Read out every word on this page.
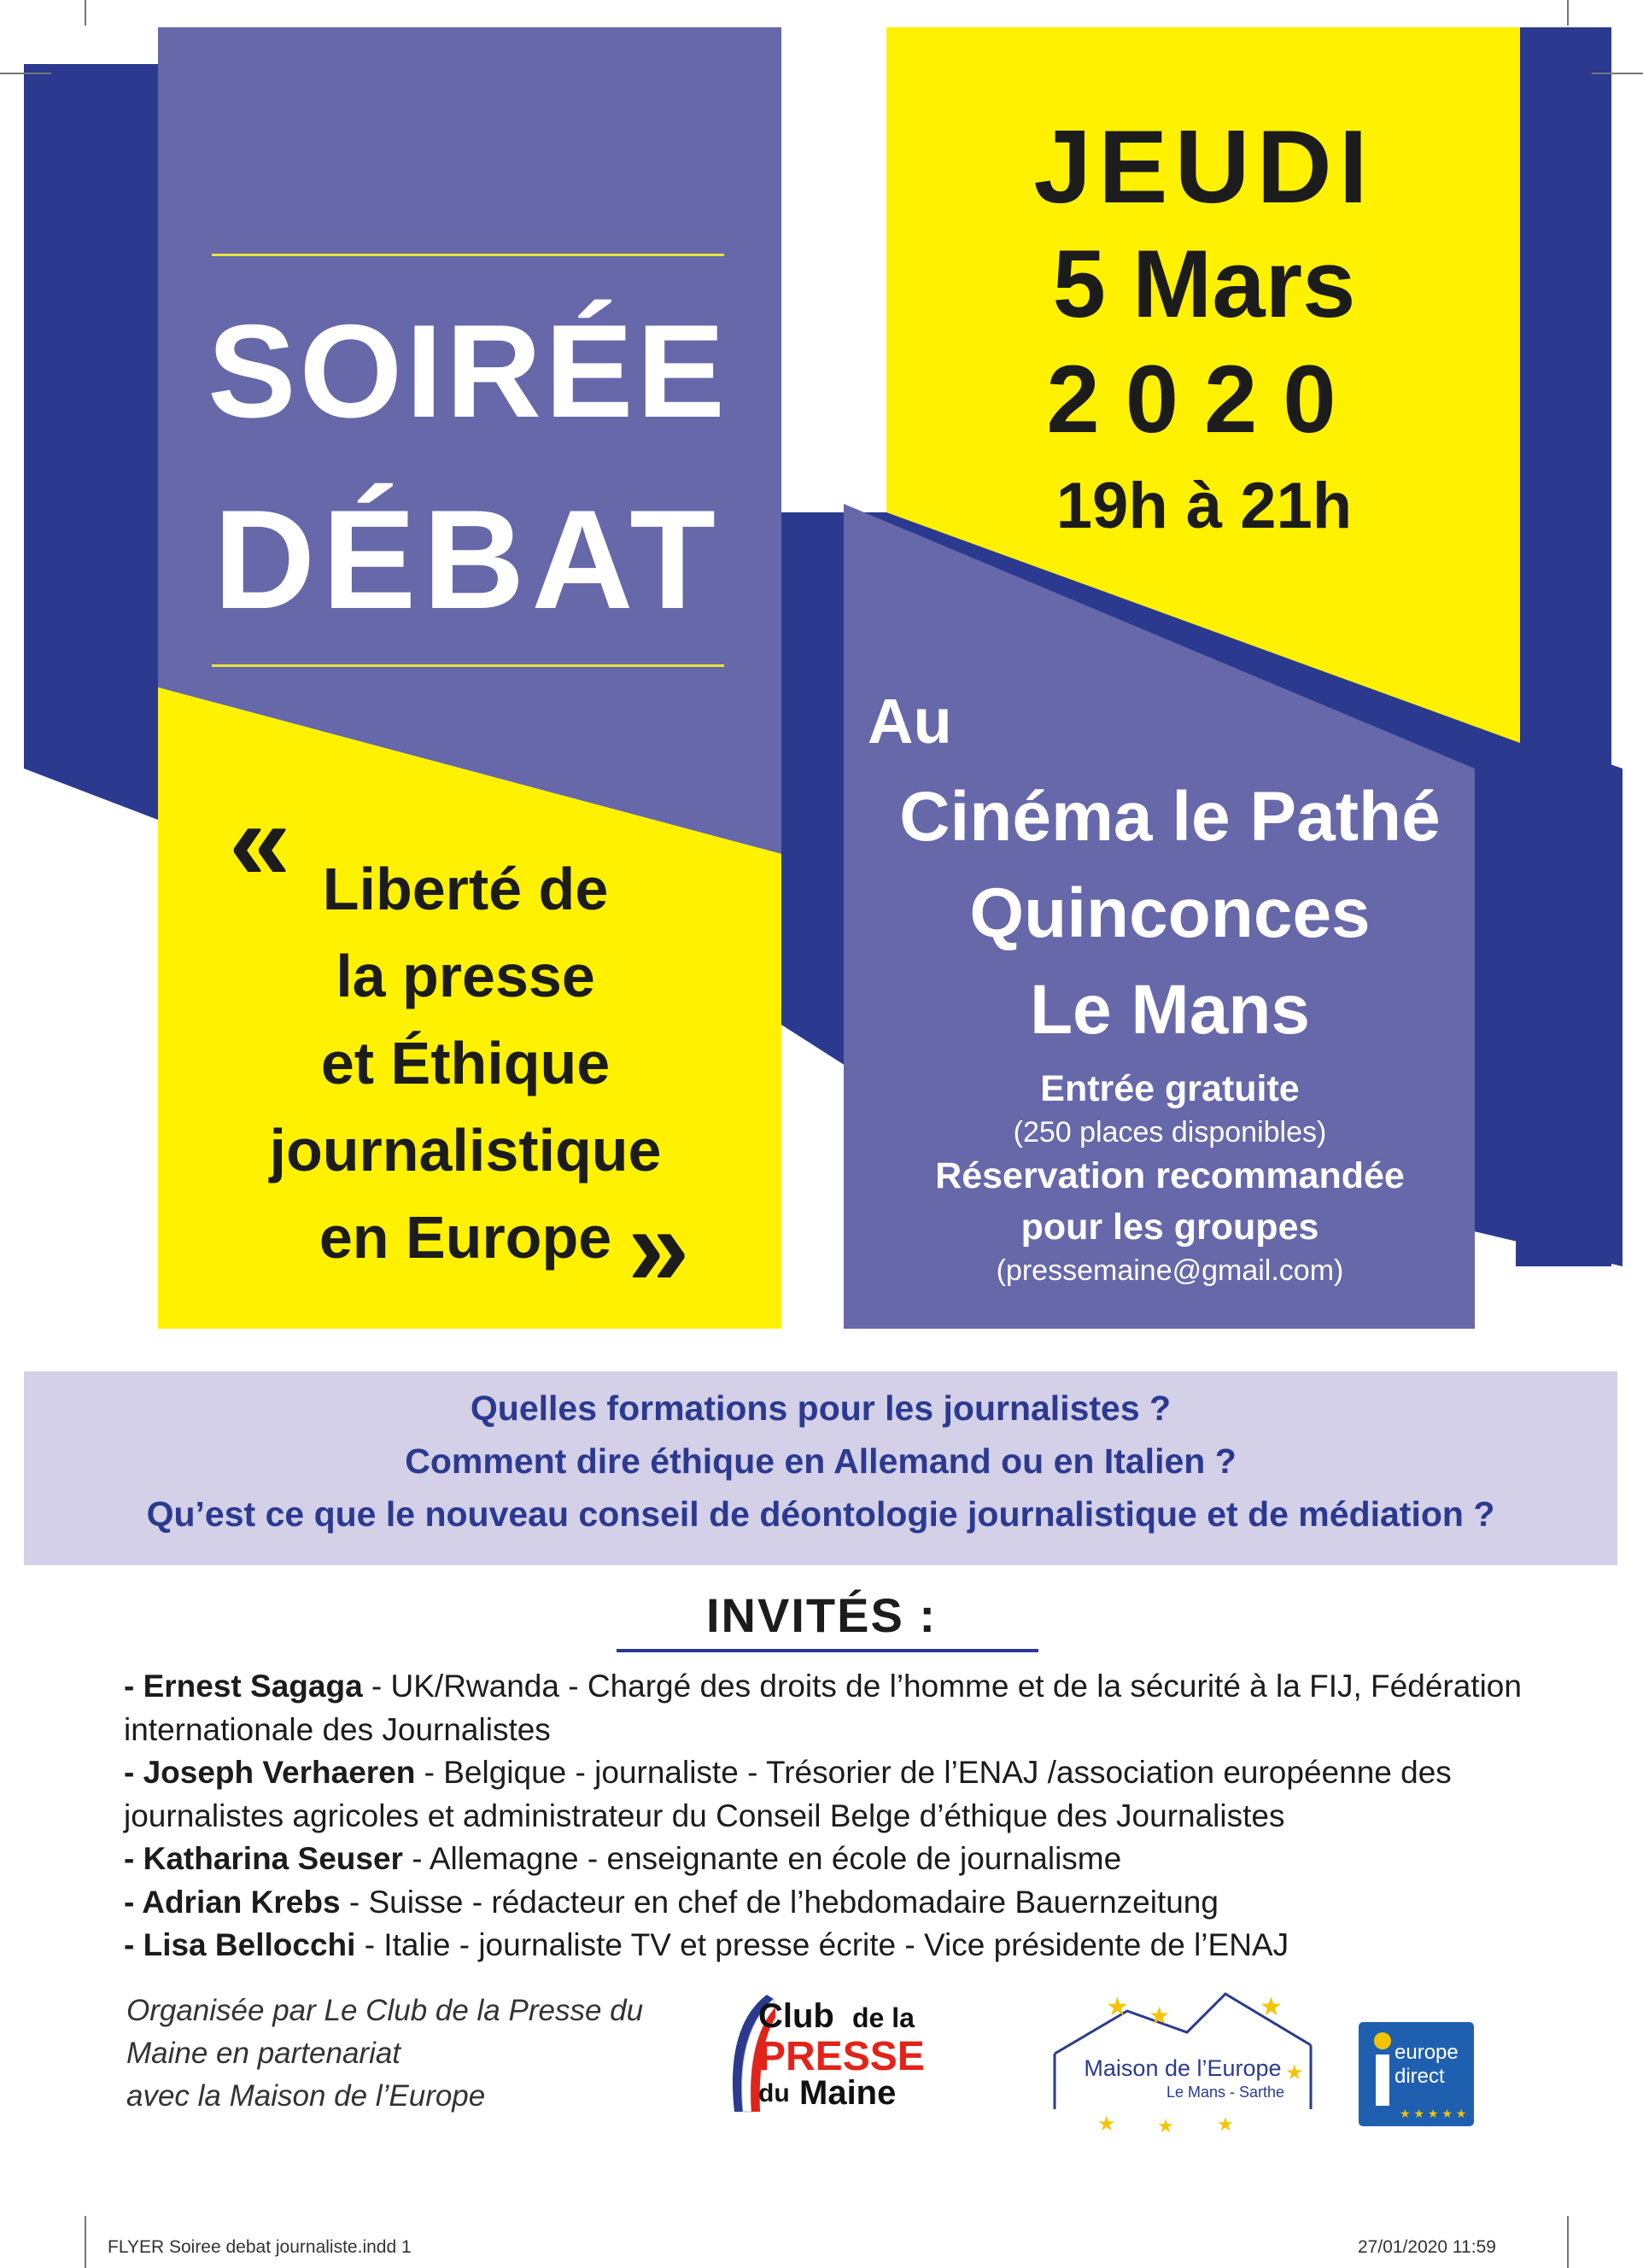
SOIRÉE
DÉBAT
JEUDI
5 Mars
2020
19h à 21h
« Liberté de
la presse
et Éthique
journalistique
en Europe »
Au
Cinéma le Pathé
Quinconces
Le Mans
Entrée gratuite
(250 places disponibles)
Réservation recommandée
pour les groupes
(pressemaine@gmail.com)
Quelles formations pour les journalistes ?
Comment dire éthique en Allemand ou en Italien ?
Qu’est ce que le nouveau conseil de déontologie journalistique et de médiation ?
INVITÉS :
- Ernest Sagaga - UK/Rwanda - Chargé des droits de l’homme et de la sécurité à la FIJ, Fédération internationale des Journalistes
- Joseph Verhaeren - Belgique - journaliste - Trésorier de l’ENAJ /association européenne des journalistes agricoles et administrateur du Conseil Belge d’éthique des Journalistes
- Katharina Seuser - Allemagne - enseignante en école de journalisme
- Adrian Krebs - Suisse - rédacteur en chef de l’hebdomadaire Bauernzeitung
- Lisa Bellocchi - Italie - journaliste TV et presse écrite - Vice présidente de l’ENAJ
Organisée par Le Club de la Presse du
Maine en partenariat
avec la Maison de l’Europe
Club de la
PRESSE
du Maine
★ ★	★
★
★ ★ ★
Maison de l’Europe
Le Mans - Sarthe
★ ★ ★ ★ ★
europe
direct
FLYER Soiree debat journaliste.indd 1	27/01/2020 11:59
